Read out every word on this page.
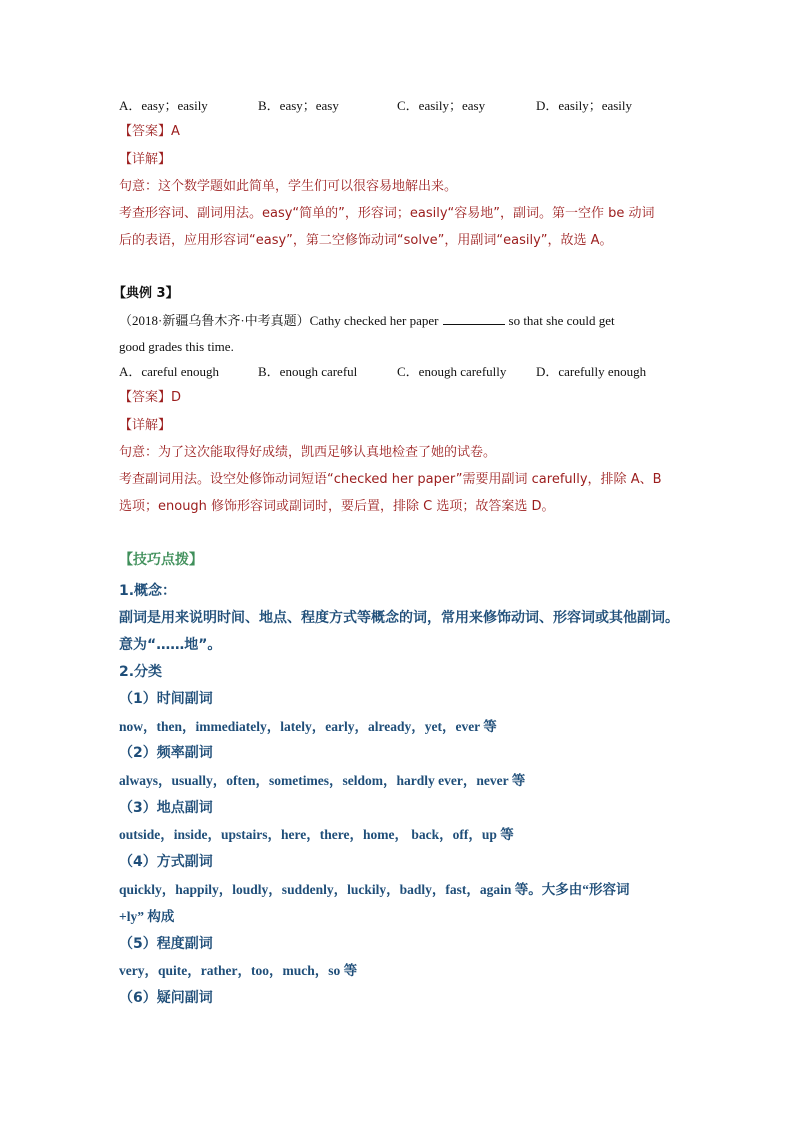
A．easy；easily	B．easy；easy	C．easily；easy	D．easily；easily
【答案】A
【详解】
句意：这个数学题如此简单，学生们可以很容易地解出来。
考查形容词、副词用法。easy“简单的”，形容词；easily“容易地”，副词。第一空作 be 动词
后的表语，应用形容词“easy”，第二空修饰动词“solve”，用副词“easily”，故选 A。
【典例 3】
（2018·新疆乌鲁木齐·中考真题）Cathy checked her paper	so that she could get
good grades this time.
A．careful enough	B．enough careful	C．enough carefully D．carefully enough
【答案】D
【详解】
句意：为了这次能取得好成绩，凯西足够认真地检查了她的试卷。
考查副词用法。设空处修饰动词短语“checked her paper”需要用副词 carefully，排除 A、B
选项；enough 修饰形容词或副词时，要后置，排除 C 选项；故答案选 D。
【技巧点拨】
1.概念：
副词是用来说明时间、地点、程度方式等概念的词，常用来修饰动词、形容词或其他副词。
意为“……地”。
2.分类
（1）时间副词
now，then，immediately，lately，early，already，yet，ever 等
（2）频率副词
always，usually，often，sometimes，seldom，hardly ever，never 等
（3）地点副词
outside，inside，upstairs，here，there，home， back，off，up 等
（4）方式副词
quickly，happily，loudly，suddenly，luckily，badly，fast，again 等。大多由“形容词
+ly” 构成
（5）程度副词
very，quite，rather，too，much，so 等
（6）疑问副词
